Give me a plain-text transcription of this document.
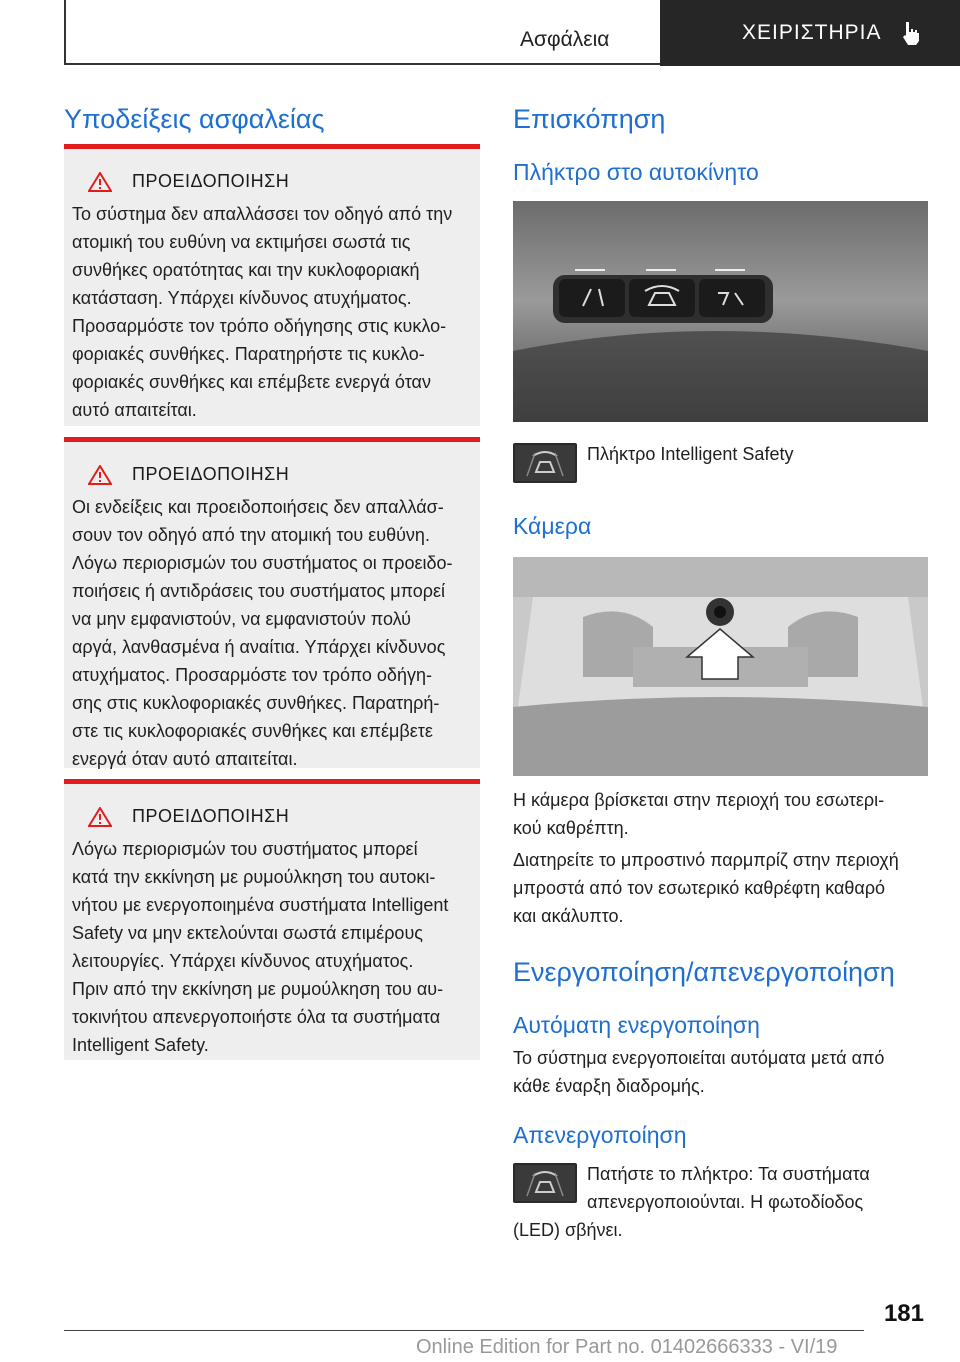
Ασφάλεια	ΧΕΙΡΙΣΤΗΡΙΑ
Υποδείξεις ασφαλείας
ΠΡΟΕΙΔΟΠΟΙΗΣΗ
Το σύστημα δεν απαλλάσσει τον οδηγό από την
ατομική του ευθύνη να εκτιμήσει σωστά τις
συνθήκες ορατότητας και την κυκλοφοριακή
κατάσταση. Υπάρχει κίνδυνος ατυχήματος.
Προσαρμόστε τον τρόπο οδήγησης στις κυκλο-
φοριακές συνθήκες. Παρατηρήστε τις κυκλο-
φοριακές συνθήκες και επέμβετε ενεργά όταν
αυτό απαιτείται.
ΠΡΟΕΙΔΟΠΟΙΗΣΗ
Οι ενδείξεις και προειδοποιήσεις δεν απαλλάσ-
σουν τον οδηγό από την ατομική του ευθύνη.
Λόγω περιορισμών του συστήματος οι προειδο-
ποιήσεις ή αντιδράσεις του συστήματος μπορεί
να μην εμφανιστούν, να εμφανιστούν πολύ
αργά, λανθασμένα ή αναίτια. Υπάρχει κίνδυνος
ατυχήματος. Προσαρμόστε τον τρόπο οδήγη-
σης στις κυκλοφοριακές συνθήκες. Παρατηρή-
στε τις κυκλοφοριακές συνθήκες και επέμβετε
ενεργά όταν αυτό απαιτείται.
ΠΡΟΕΙΔΟΠΟΙΗΣΗ
Λόγω περιορισμών του συστήματος μπορεί
κατά την εκκίνηση με ρυμούλκηση του αυτοκι-
νήτου με ενεργοποιημένα συστήματα Intelligent
Safety να μην εκτελούνται σωστά επιμέρους
λειτουργίες. Υπάρχει κίνδυνος ατυχήματος.
Πριν από την εκκίνηση με ρυμούλκηση του αυ-
τοκινήτου απενεργοποιήστε όλα τα συστήματα
Intelligent Safety.
Επισκόπηση
Πλήκτρο στο αυτοκίνητο
Πλήκτρο Intelligent Safety
Κάμερα
Η κάμερα βρίσκεται στην περιοχή του εσωτερι-
κού καθρέπτη.
Διατηρείτε το μπροστινό παρμπρίζ στην περιοχή
μπροστά από τον εσωτερικό καθρέφτη καθαρό
και ακάλυπτο.
Ενεργοποίηση/απενεργοποίηση
Αυτόματη ενεργοποίηση
Το σύστημα ενεργοποιείται αυτόματα μετά από
κάθε έναρξη διαδρομής.
Απενεργοποίηση
Πατήστε το πλήκτρο: Τα συστήματα
απενεργοποιούνται. Η φωτοδίοδος
(LED) σβήνει.
181
Online Edition for Part no. 01402666333 - VI/19
